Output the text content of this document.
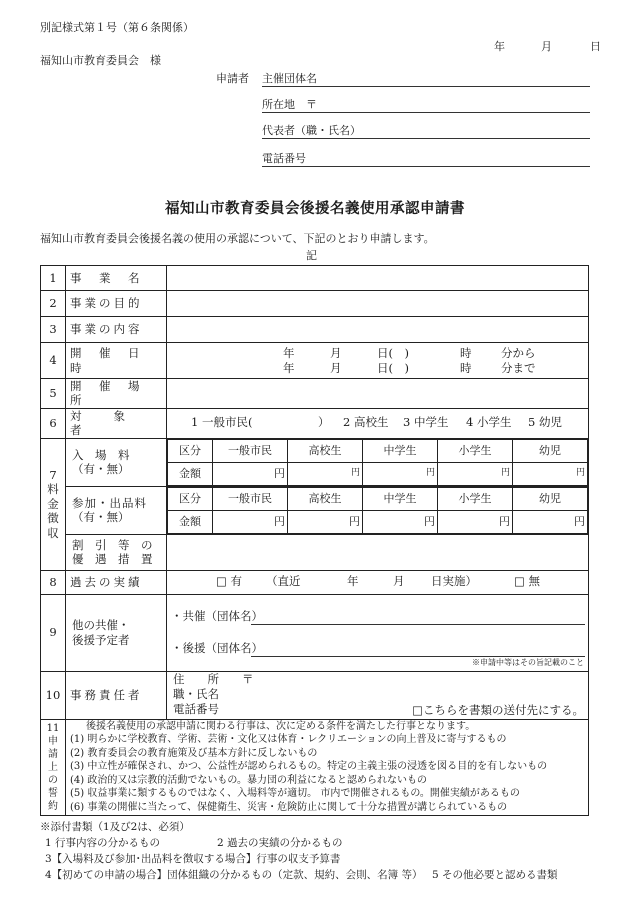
別記様式第１号（第６条関係）
年	月	日
福知山市教育委員会　様
申請者 主催団体名
所在地　〒
代表者（職・氏名）
電話番号
福知山市教育委員会後援名義使用承認申請書
福知山市教育委員会後援名義の使用の承認について、下記のとおり申請します。
記
1	事　業　名	
2	事業の目的	
3	事業の内容	
4	開　催　日　時	
年	月	日(　)	時	分から
年	月	日(　)	時	分まで

5	開　催　場　所	
6	対　　象　　者	
1 一般市民(	） 2 高校生 3 中学生 4 小学生 5 幼児

7
料
金
徴
収

入　場　料
（有・無）

区分	一般市民	高校生	中学生	小学生	幼児
金額	円	円	円	円	円

参加・出品料
（有・無）

区分	一般市民	高校生	中学生	小学生	幼児
金額	円	円	円	円	円

割　引　等　の
優　遇　措　置

8	過去の実績	□ 有 （直近	年	月 日実施）	□ 無

9	
他の共催・
後援予定者

・共催（団体名）
・後援（団体名）
※申請中等はその旨記載のこと

10	事務責任者	
住　　所　　〒
職・氏名
電話番号	□こちらを書類の送付先にする。

11
申
請
上
の
誓
約

後援名義使用の承認申請に関わる行事は、次に定める条件を満たした行事となります。
(1) 明らかに学校教育、学術、芸術・文化又は体育・レクリエーションの向上普及に寄与するもの
(2) 教育委員会の教育施策及び基本方針に反しないもの
(3) 中立性が確保され、かつ、公益性が認められるもの。特定の主義主張の浸透を図る目的を有しないもの
(4) 政治的又は宗教的活動でないもの。暴力団の利益になると認められないもの
(5) 収益事業に類するものではなく、入場料等が適切。 市内で開催されるもの。開催実績があるもの
(6) 事業の開催に当たって、保健衛生、災害・危険防止に関して十分な措置が講じられているもの
※添付書類（1及び2は、必須）
1 行事内容の分かるもの	2 過去の実績の分かるもの
3【入場料及び参加･出品料を徴収する場合】行事の収支予算書
4【初めての申請の場合】団体組織の分かるもの（定款、規約、会則、名簿 等） 5 その他必要と認める書類
